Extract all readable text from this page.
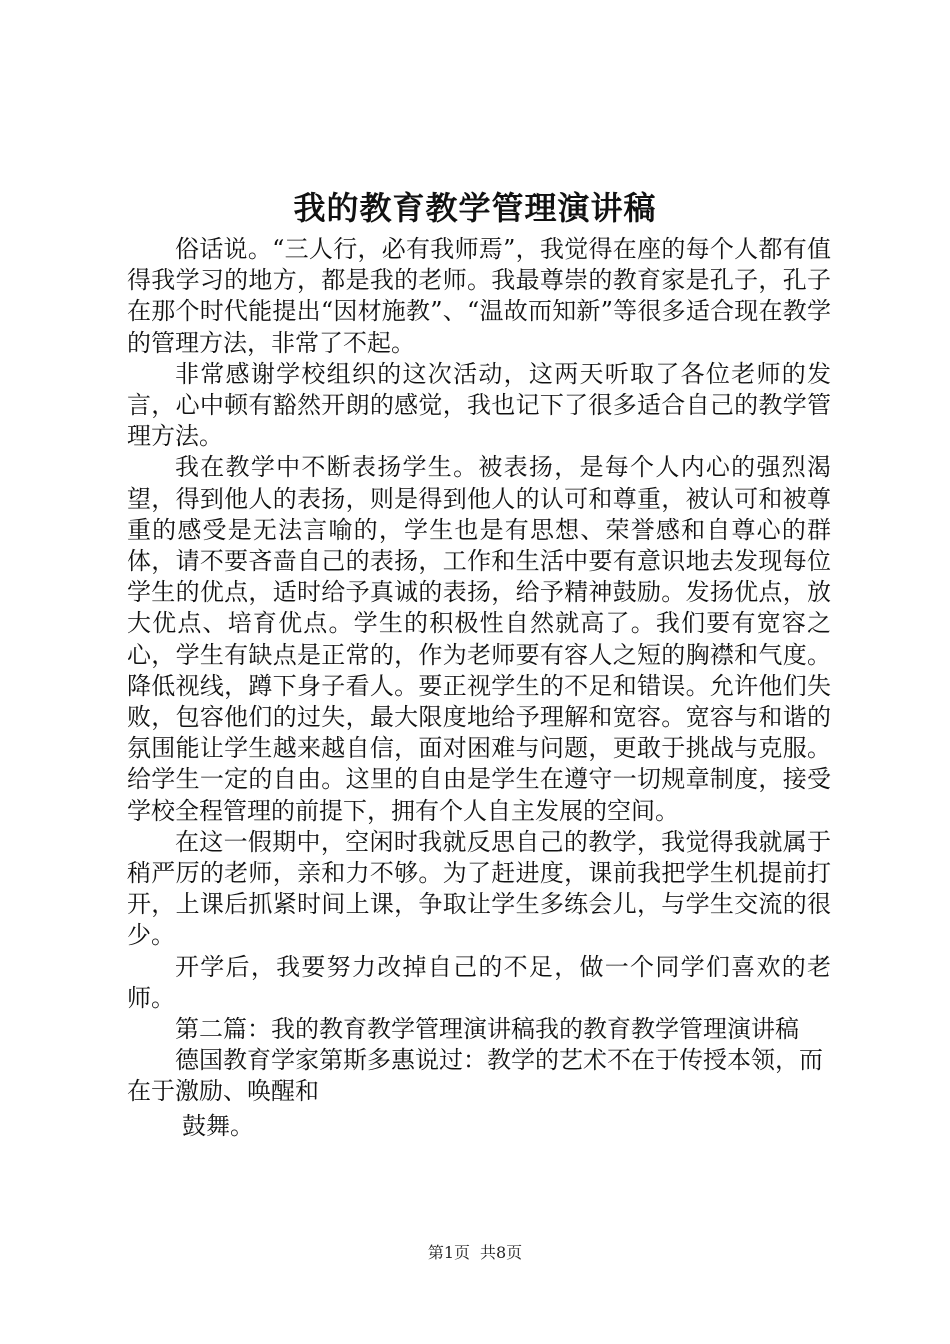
我的教育教学管理演讲稿

俗话说。“三人行，必有我师焉”，我觉得在座的每个人都有值得我学习的地方，都是我的老师。我最尊崇的教育家是孔子，孔子在那个时代能提出“因材施教”、“温故而知新”等很多适合现在教学的管理方法，非常了不起。

非常感谢学校组织的这次活动，这两天听取了各位老师的发言，心中顿有豁然开朗的感觉，我也记下了很多适合自己的教学管理方法。

我在教学中不断表扬学生。被表扬，是每个人内心的强烈渴望，得到他人的表扬，则是得到他人的认可和尊重，被认可和被尊重的感受是无法言喻的，学生也是有思想、荣誉感和自尊心的群体，请不要吝啬自己的表扬，工作和生活中要有意识地去发现每位学生的优点，适时给予真诚的表扬，给予精神鼓励。发扬优点，放大优点、培育优点。学生的积极性自然就高了。我们要有宽容之心，学生有缺点是正常的，作为老师要有容人之短的胸襟和气度。降低视线，蹲下身子看人。要正视学生的不足和错误。允许他们失败，包容他们的过失，最大限度地给予理解和宽容。宽容与和谐的氛围能让学生越来越自信，面对困难与问题，更敢于挑战与克服。给学生一定的自由。这里的自由是学生在遵守一切规章制度，接受学校全程管理的前提下，拥有个人自主发展的空间。

在这一假期中，空闲时我就反思自己的教学，我觉得我就属于稍严厉的老师，亲和力不够。为了赶进度，课前我把学生机提前打开，上课后抓紧时间上课，争取让学生多练会儿，与学生交流的很少。

开学后，我要努力改掉自己的不足，做一个同学们喜欢的老师。

第二篇：我的教育教学管理演讲稿我的教育教学管理演讲稿

德国教育学家第斯多惠说过：教学的艺术不在于传授本领，而在于激励、唤醒和

鼓舞。

第1页 共8页
